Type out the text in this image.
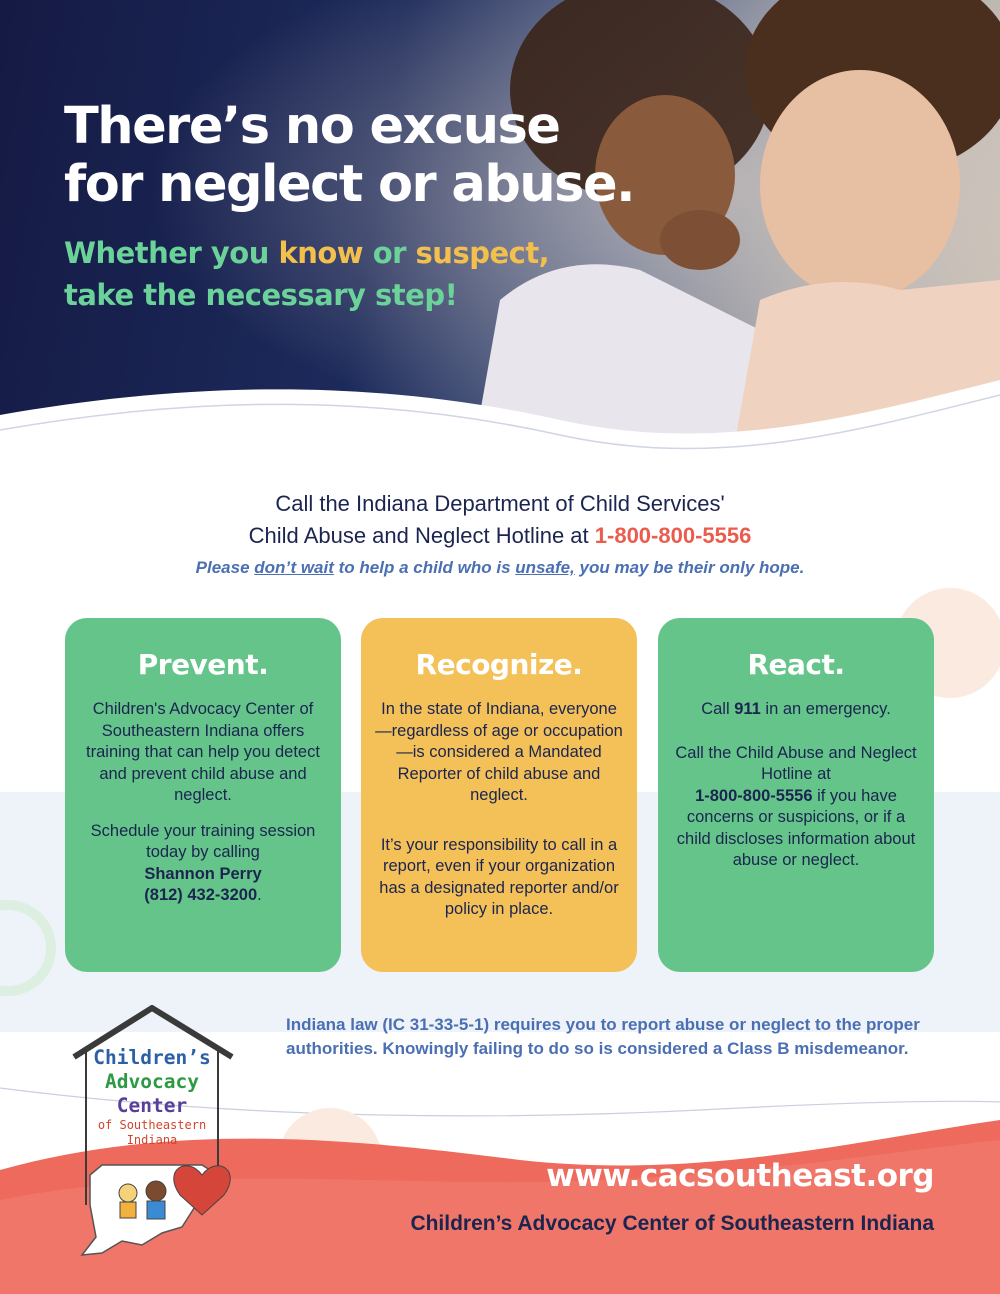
There’s no excuse
for neglect or abuse.

Whether you know or suspect,
take the necessary step!

Call the Indiana Department of Child Services'
Child Abuse and Neglect Hotline at 1-800-800-5556
Please don’t wait to help a child who is unsafe, you may be their only hope.
Prevent.

Children's Advocacy Center of Southeastern Indiana offers training that can help you detect and prevent child abuse and neglect.

Schedule your training session today by calling
Shannon Perry
(812) 432-3200.

Recognize.

In the state of Indiana, everyone—regardless of age or occupation—is considered a Mandated Reporter of child abuse and neglect.

It’s your responsibility to call in a report, even if your organization has a designated reporter and/or policy in place.

React.

Call 911 in an emergency.

Call the Child Abuse and Neglect Hotline at
1-800-800-5556 if you have concerns or suspicions, or if a child discloses information about abuse or neglect.

Indiana law (IC 31-33-5-1) requires you to report abuse or neglect to the proper authorities. Knowingly failing to do so is considered a Class B misdemeanor.
www.cacsoutheast.org
Children’s Advocacy Center of Southeastern Indiana
Children’s
Advocacy
Center
of Southeastern
Indiana
